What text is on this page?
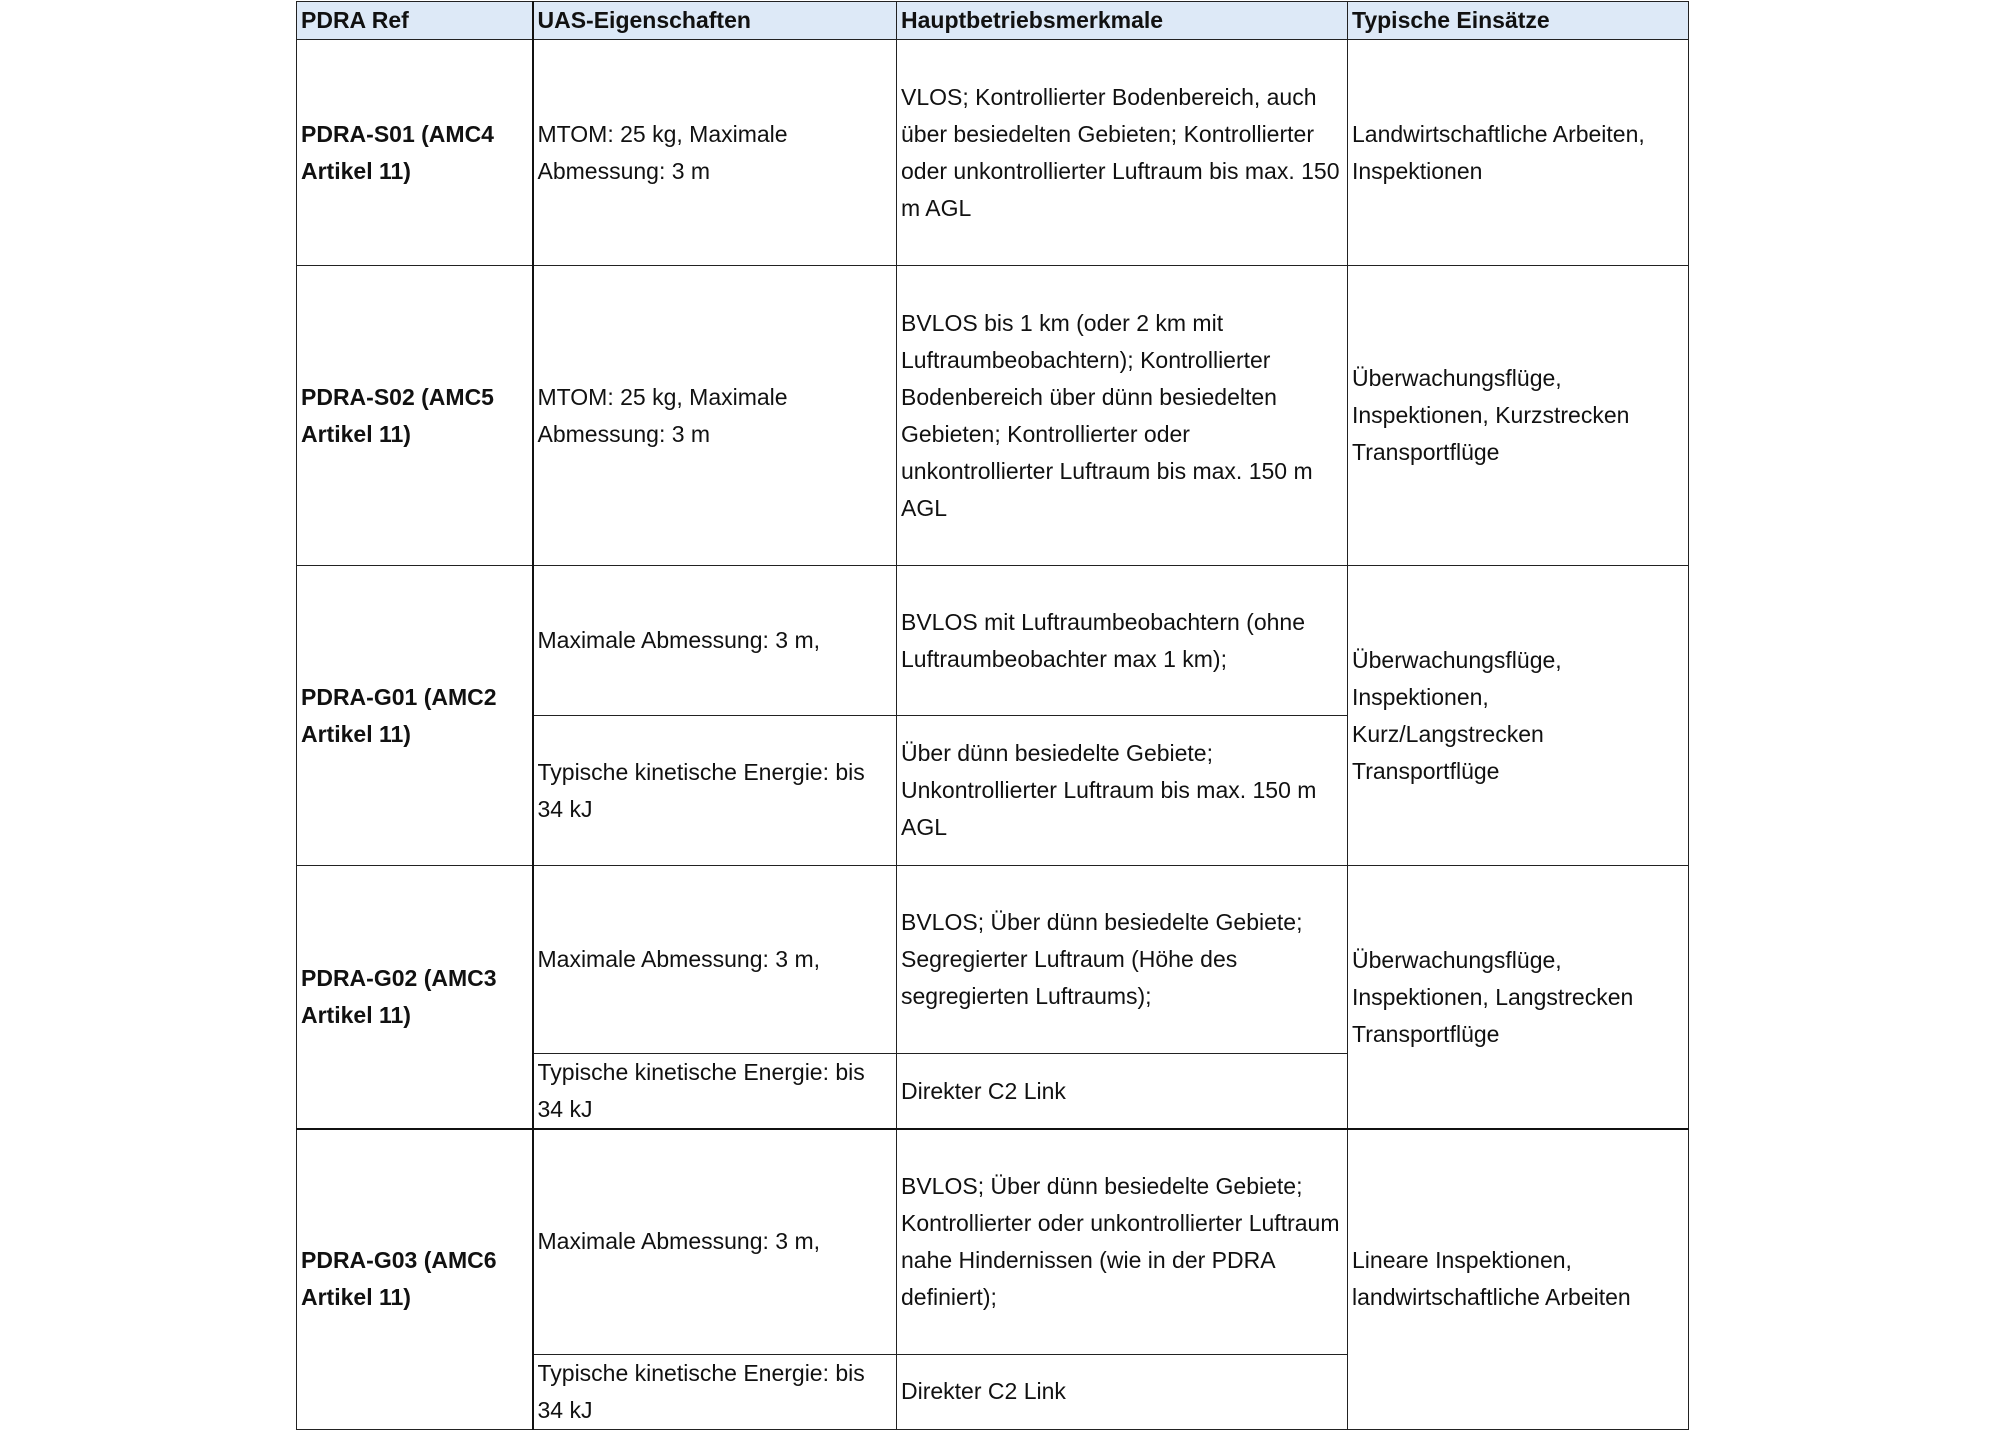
PDRA Ref	UAS-Eigenschaften	Hauptbetriebsmerkmale	Typische Einsätze
PDRA-S01 (AMC4 Artikel 11)	MTOM: 25 kg, Maximale Abmessung: 3 m	VLOS; Kontrollierter Bodenbereich, auch über besiedelten Gebieten; Kontrollierter oder unkontrollierter Luftraum bis max. 150 m AGL	Landwirtschaftliche Arbeiten, Inspektionen
PDRA-S02 (AMC5 Artikel 11)	MTOM: 25 kg, Maximale Abmessung: 3 m	BVLOS bis 1 km (oder 2 km mit Luftraumbeobachtern); Kontrollierter Bodenbereich über dünn besiedelten Gebieten; Kontrollierter oder unkontrollierter Luftraum bis max. 150 m AGL	Überwachungsflüge, Inspektionen, Kurzstrecken Transportflüge
PDRA-G01 (AMC2 Artikel 11)	Maximale Abmessung: 3 m,	BVLOS mit Luftraumbeobachtern (ohne Luftraumbeobachter max 1 km);	Überwachungsflüge, Inspektionen, Kurz/Langstrecken Transportflüge
	Typische kinetische Energie: bis 34 kJ	Über dünn besiedelte Gebiete; Unkontrollierter Luftraum bis max. 150 m AGL	
PDRA-G02 (AMC3 Artikel 11)	Maximale Abmessung: 3 m,	BVLOS; Über dünn besiedelte Gebiete; Segregierter Luftraum (Höhe des segregierten Luftraums);	Überwachungsflüge, Inspektionen, Langstrecken Transportflüge
	Typische kinetische Energie: bis 34 kJ	Direkter C2 Link	
PDRA-G03 (AMC6 Artikel 11)	Maximale Abmessung: 3 m,	BVLOS; Über dünn besiedelte Gebiete; Kontrollierter oder unkontrollierter Luftraum nahe Hindernissen (wie in der PDRA definiert);	Lineare Inspektionen, landwirtschaftliche Arbeiten
	Typische kinetische Energie: bis 34 kJ	Direkter C2 Link	
